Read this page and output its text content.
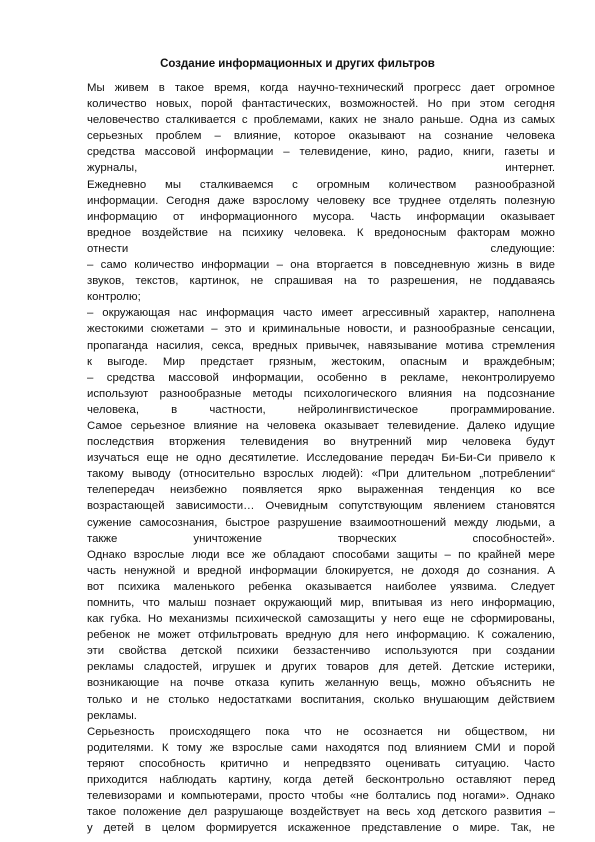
Создание информационных и других фильтров
Мы живем в такое время, когда научно-технический прогресс дает огромное
количество новых, порой фантастических, возможностей. Но при этом сегодня
человечество сталкивается с проблемами, каких не знало раньше. Одна из самых
серьезных проблем – влияние, которое оказывают на сознание человека
средства массовой информации – телевидение, кино, радио, книги, газеты и
журналы, интернет.
Ежедневно мы сталкиваемся с огромным количеством разнообразной
информации. Сегодня даже взрослому человеку все труднее отделять полезную
информацию от информационного мусора. Часть информации оказывает
вредное воздействие на психику человека. К вредоносным факторам можно
отнести следующие:
– само количество информации – она вторгается в повседневную жизнь в виде
звуков, текстов, картинок, не спрашивая на то разрешения, не поддаваясь
контролю;
– окружающая нас информация часто имеет агрессивный характер, наполнена
жестокими сюжетами – это и криминальные новости, и разнообразные сенсации,
пропаганда насилия, секса, вредных привычек, навязывание мотива стремления
к выгоде. Мир предстает грязным, жестоким, опасным и враждебным;
– средства массовой информации, особенно в рекламе, неконтролируемо
используют разнообразные методы психологического влияния на подсознание
человека, в частности, нейролингвистическое программирование.
Самое серьезное влияние на человека оказывает телевидение. Далеко идущие
последствия вторжения телевидения во внутренний мир человека будут
изучаться еще не одно десятилетие. Исследование передач Би-Би-Си привело к
такому выводу (относительно взрослых людей): «При длительном „потреблении“
телепередач неизбежно появляется ярко выраженная тенденция ко все
возрастающей зависимости… Очевидным сопутствующим явлением становятся
сужение самосознания, быстрое разрушение взаимоотношений между людьми, а
также уничтожение творческих способностей».
Однако взрослые люди все же обладают способами защиты – по крайней мере
часть ненужной и вредной информации блокируется, не доходя до сознания. А
вот психика маленького ребенка оказывается наиболее уязвима. Следует
помнить, что малыш познает окружающий мир, впитывая из него информацию,
как губка. Но механизмы психической самозащиты у него еще не сформированы,
ребенок не может отфильтровать вредную для него информацию. К сожалению,
эти свойства детской психики беззастенчиво используются при создании
рекламы сладостей, игрушек и других товаров для детей. Детские истерики,
возникающие на почве отказа купить желанную вещь, можно объяснить не
только и не столько недостатками воспитания, сколько внушающим действием
рекламы.
Серьезность происходящего пока что не осознается ни обществом, ни
родителями. К тому же взрослые сами находятся под влиянием СМИ и порой
теряют способность критично и непредвзято оценивать ситуацию. Часто
приходится наблюдать картину, когда детей бесконтрольно оставляют перед
телевизорами и компьютерами, просто чтобы «не болтались под ногами». Однако
такое положение дел разрушающе воздействует на весь ход детского развития –
у детей в целом формируется искаженное представление о мире. Так, не
